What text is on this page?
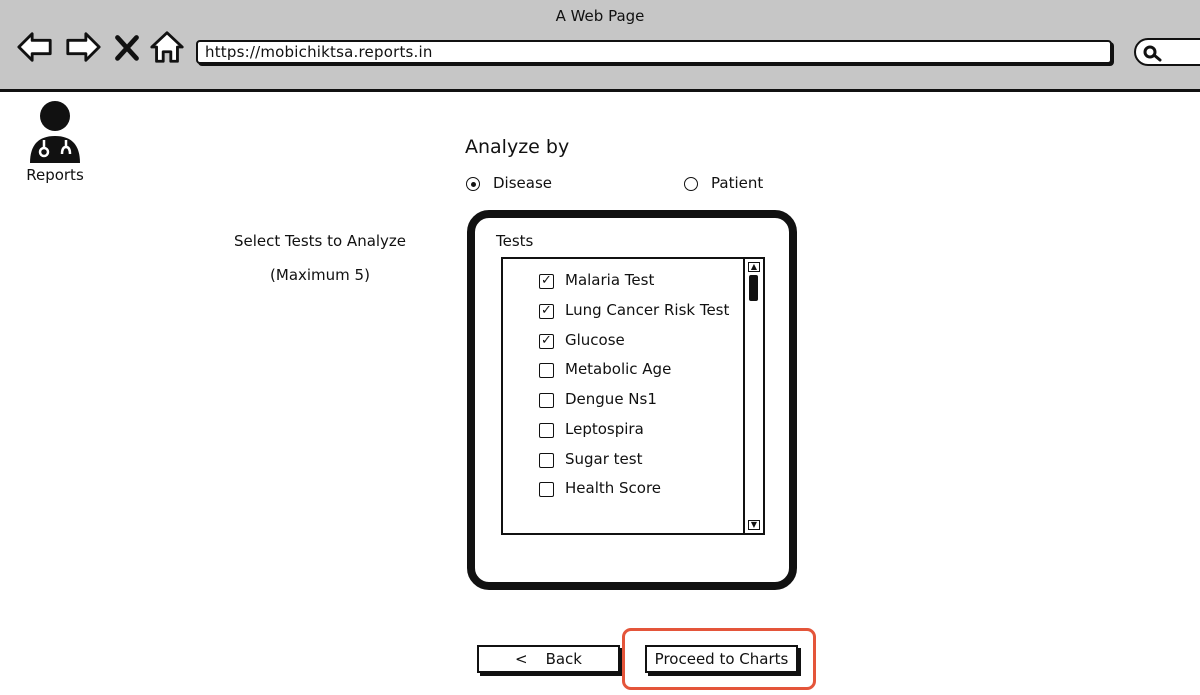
A Web Page
https://mobichiktsa.reports.in
Reports
Analyze by
Disease	Patient
Select Tests to Analyze
(Maximum 5)
Tests
✓ Malaria Test
✓ Lung Cancer Risk Test
✓ Glucose
Metabolic Age
Dengue Ns1
Leptospira
Sugar test
Health Score
▲
▼
< Back	Proceed to Charts
